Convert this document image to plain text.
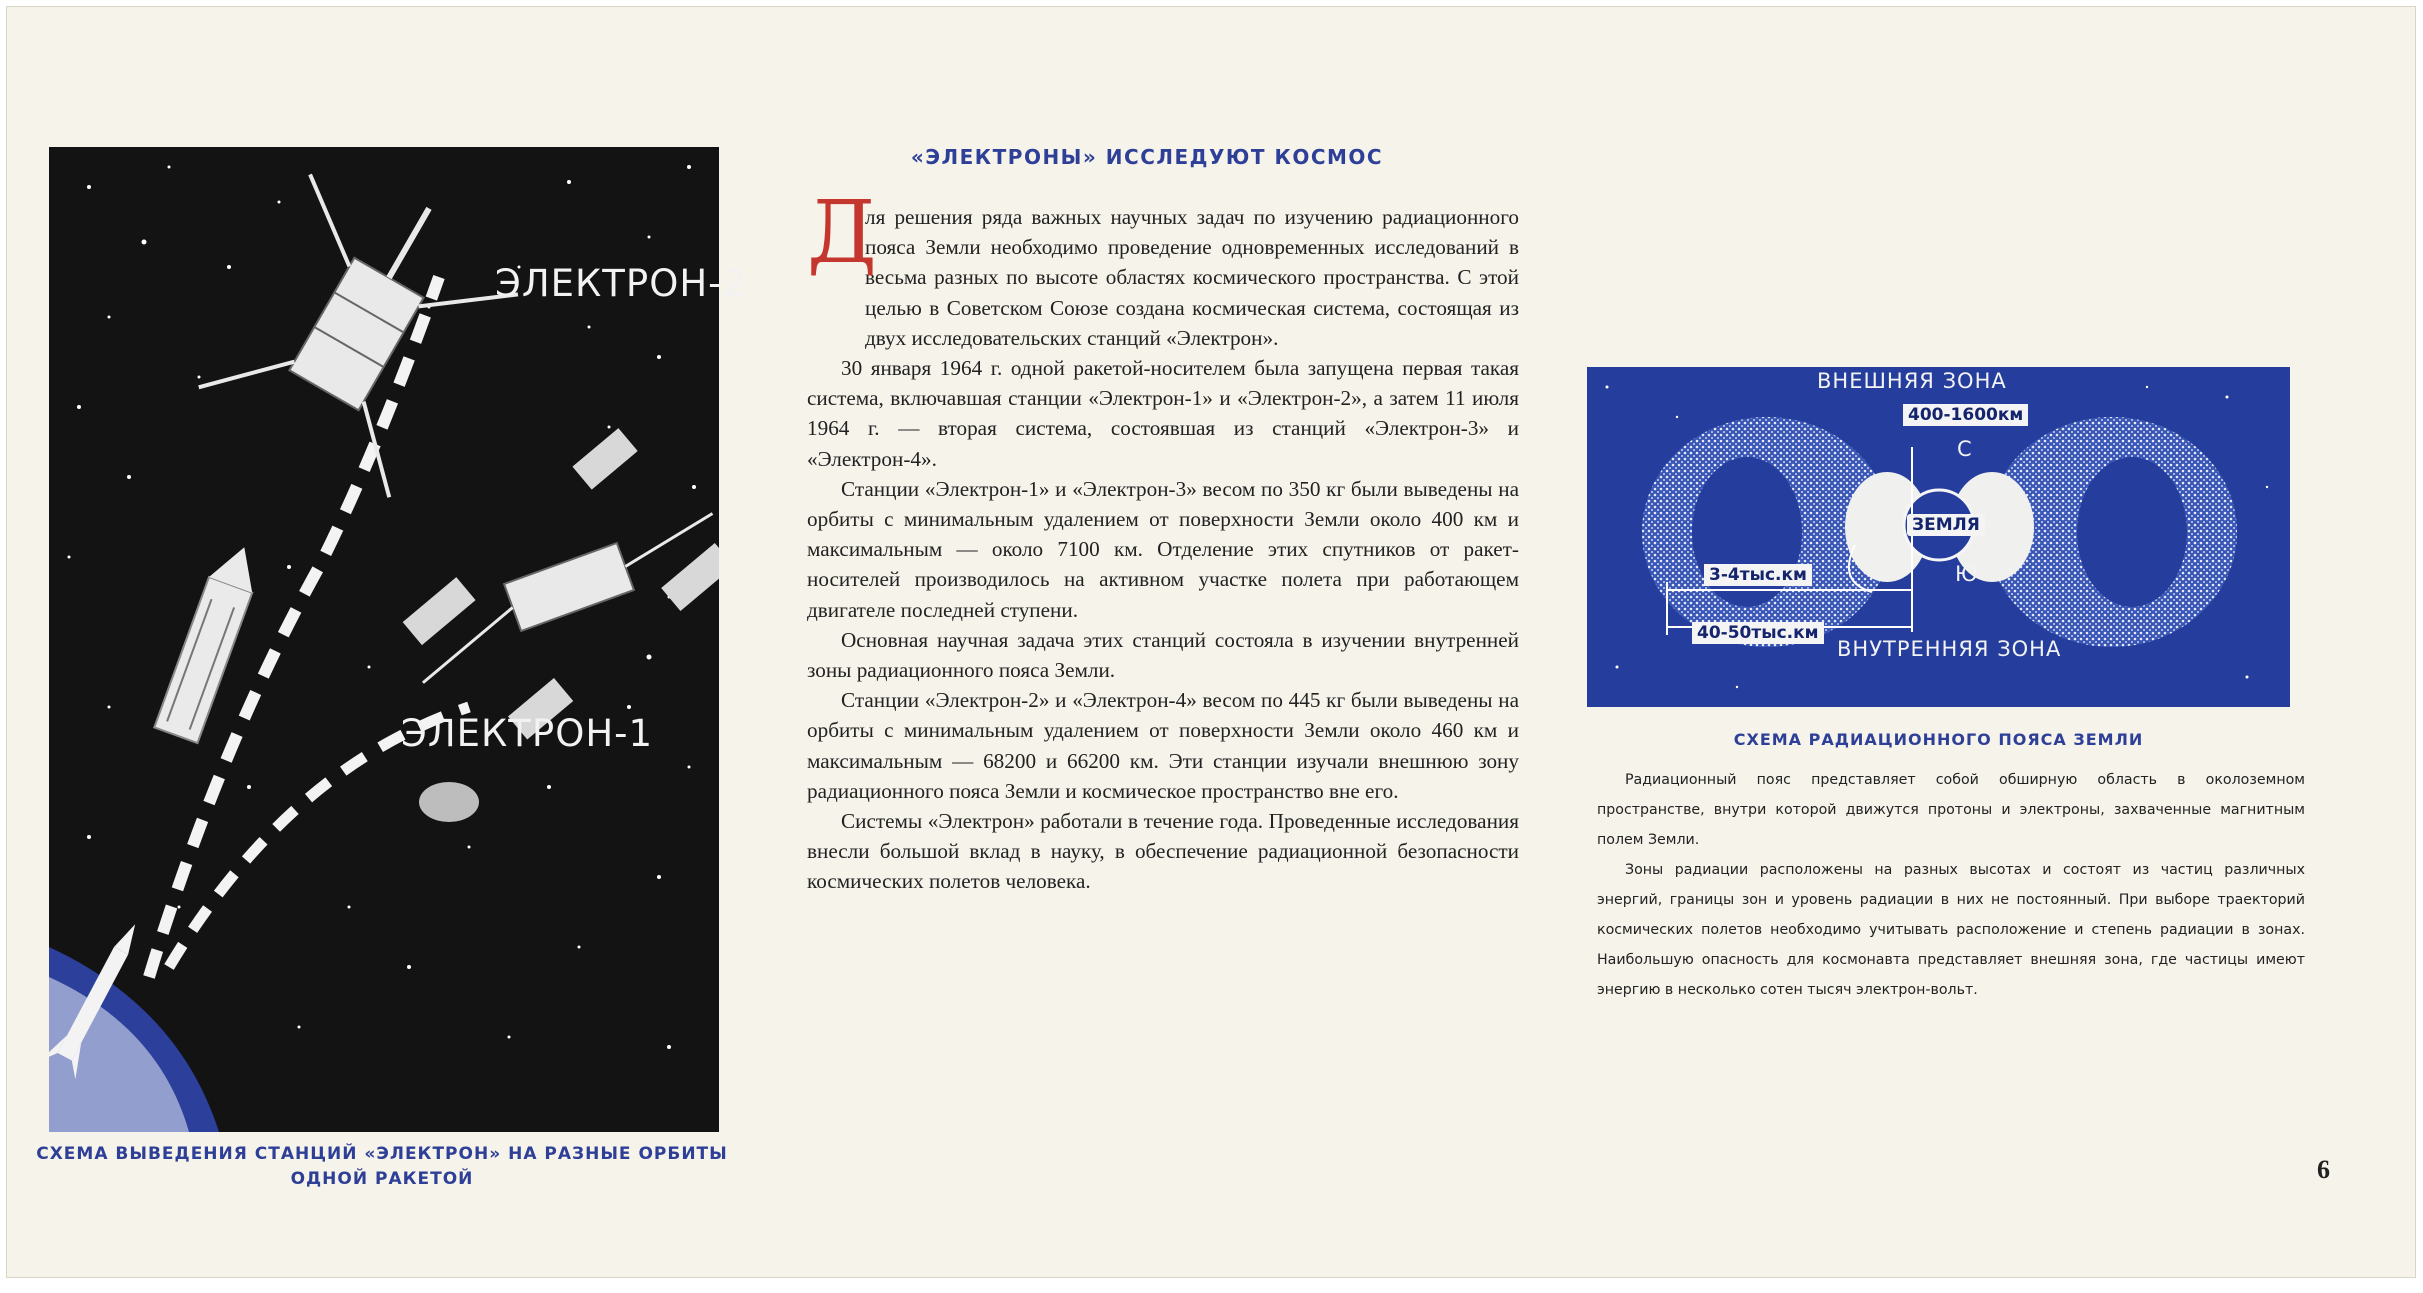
ЭЛЕКТРОН-2
ЭЛЕКТРОН-1
СХЕМА ВЫВЕДЕНИЯ СТАНЦИЙ «ЭЛЕКТРОН» НА РАЗНЫЕ ОРБИТЫ
ОДНОЙ РАКЕТОЙ
«ЭЛЕКТРОНЫ» ИССЛЕДУЮТ КОСМОС

Д
ля решения ряда важных научных задач по изучению радиационного пояса Земли необходимо проведение одновременных исследований в весьма разных по высоте областях космического пространства. С этой целью в Советском Союзе создана космическая система, состоящая из двух исследовательских станций «Электрон».

30 января 1964 г. одной ракетой-носителем была запущена первая такая система, включавшая станции «Электрон-1» и «Электрон-2», а затем 11 июля 1964 г. — вторая система, состоявшая из станций «Электрон-3» и «Электрон-4».

Станции «Электрон-1» и «Электрон-3» весом по 350 кг были выведены на орбиты с минимальным удалением от поверхности Земли около 400 км и максимальным — около 7100 км. Отделение этих спутников от ракет-носителей производилось на активном участке полета при работающем двигателе последней ступени.

Основная научная задача этих станций состояла в изучении внутренней зоны радиационного пояса Земли.

Станции «Электрон-2» и «Электрон-4» весом по 445 кг были выведены на орбиты с минимальным удалением от поверхности Земли около 460 км и максимальным — 68200 и 66200 км. Эти станции изучали внешнюю зону радиационного пояса Земли и космическое пространство вне его.

Системы «Электрон» работали в течение года. Проведенные исследования внесли большой вклад в науку, в обеспечение радиационной безопасности космических полетов человека.

ВНЕШНЯЯ ЗОНА
ВНУТРЕННЯЯ ЗОНА
ЗЕМЛЯ
С
Ю
400-1600км
3-4тыс.км
40-50тыс.км
СХЕМА РАДИАЦИОННОГО ПОЯСА ЗЕМЛИ

Радиационный пояс представляет собой обширную область в околоземном пространстве, внутри которой движутся протоны и электроны, захваченные магнитным полем Земли.

Зоны радиации расположены на разных высотах и состоят из частиц различных энергий, границы зон и уровень радиации в них не постоянный. При выборе траекторий космических полетов необходимо учитывать расположение и степень радиации в зонах. Наибольшую опасность для космонавта представляет внешняя зона, где частицы имеют энергию в несколько сотен тысяч электрон-вольт.

6
